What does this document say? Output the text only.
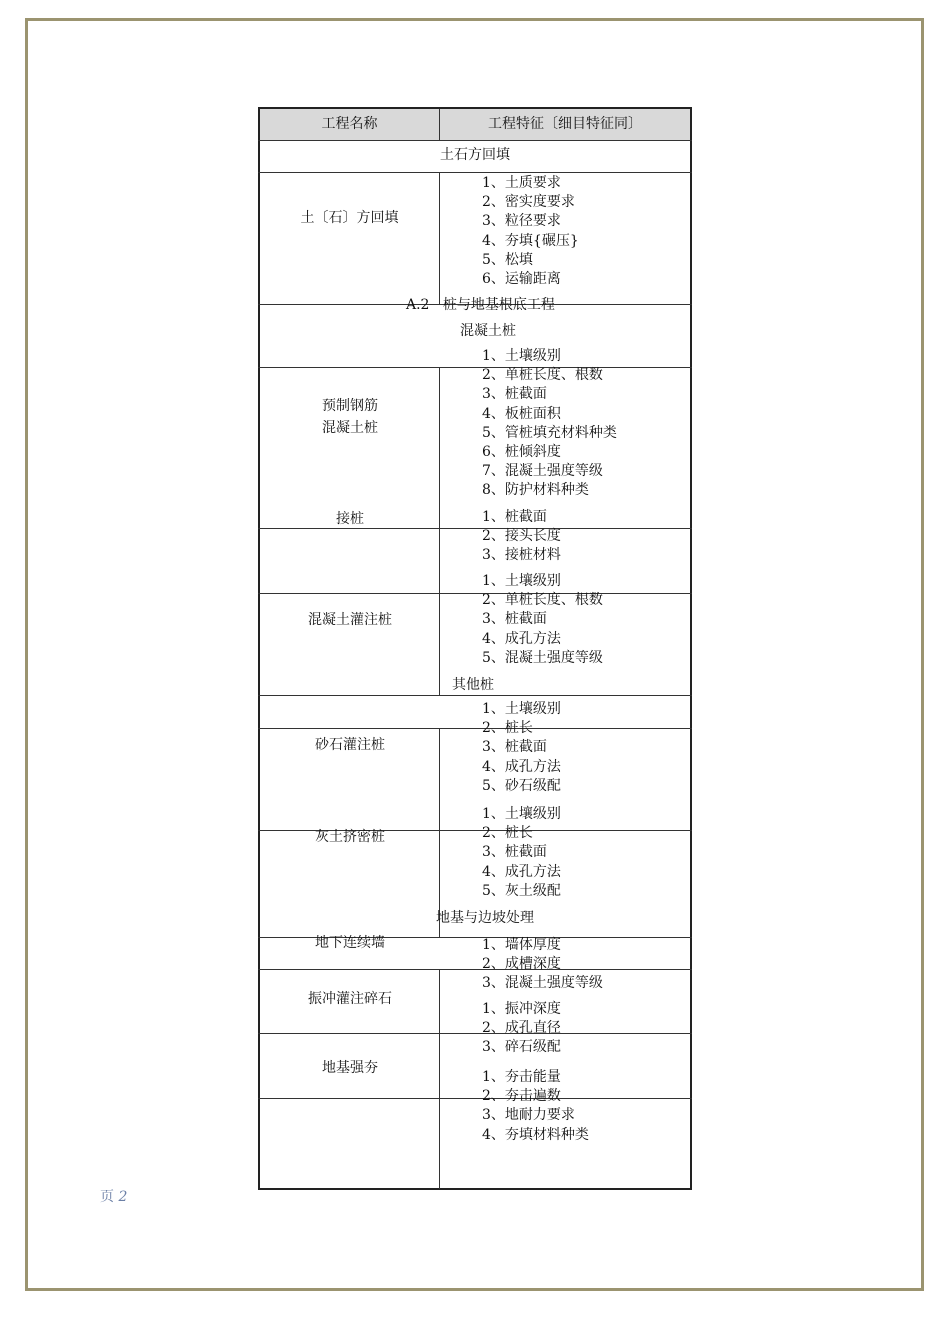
工程名称	工程特征〔细目特征同〕
土石方回填
A.2   桩与地基根底工程
混凝土桩
其他桩
地基与边坡处理
土〔石〕方回填
预制钢筋
混凝土桩
接桩
混凝土灌注桩
砂石灌注桩
灰土挤密桩
地下连续墙
振冲灌注碎石
地基强夯
1、土质要求
2、密实度要求
3、粒径要求
4、夯填{碾压}
5、松填
6、运输距离
1、土壤级别
2、单桩长度、根数
3、桩截面
4、板桩面积
5、管桩填充材料种类
6、桩倾斜度
7、混凝土强度等级
8、防护材料种类
1、桩截面
2、接头长度
3、接桩材料
1、土壤级别
2、单桩长度、根数
3、桩截面
4、成孔方法
5、混凝土强度等级
1、土壤级别
2、桩长
3、桩截面
4、成孔方法
5、砂石级配
1、土壤级别
2、桩长
3、桩截面
4、成孔方法
5、灰土级配
1、墙体厚度
2、成槽深度
3、混凝土强度等级
1、振冲深度
2、成孔直径
3、碎石级配
1、夯击能量
2、夯击遍数
3、地耐力要求
4、夯填材料种类
页 2
